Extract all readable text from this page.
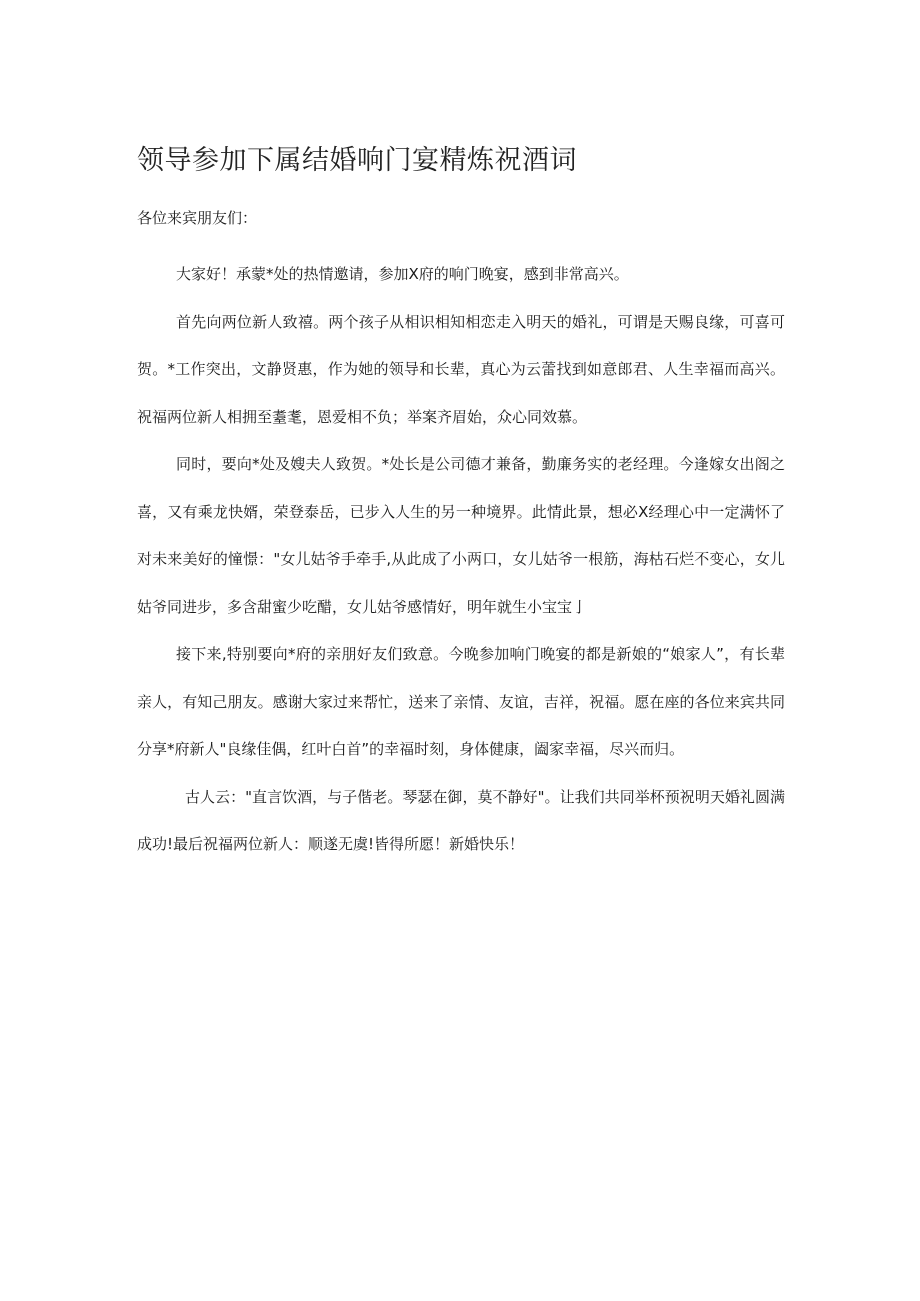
领导参加下属结婚响门宴精炼祝酒词

各位来宾朋友们：

大家好！承蒙*处的热情邀请，参加Ⅹ府的响门晚宴，感到非常高兴。

首先向两位新人致禧。两个孩子从相识相知相恋走入明天的婚礼，可谓是天赐良缘，可喜可贺。*工作突出，文静贤惠，作为她的领导和长辈，真心为云蕾找到如意郎君、人生幸福而高兴。祝福两位新人相拥至耋耄，恩爱相不负；举案齐眉始，众心同效慕。

同时，要向*处及嫂夫人致贺。*处长是公司德才兼备，勤廉务实的老经理。今逢嫁女出阁之喜，又有乘龙快婿，荣登泰岳，已步入人生的另一种境界。此情此景，想必Ⅹ经理心中一定满怀了对未来美好的憧憬："女儿姑爷手牵手,从此成了小两口，女儿姑爷一根筋，海枯石烂不变心，女儿姑爷同进步，多含甜蜜少吃醋，女儿姑爷感情好，明年就生小宝宝亅

接下来,特别要向*府的亲朋好友们致意。今晚参加响门晚宴的都是新娘的“娘家人”，有长辈亲人，有知己朋友。感谢大家过来帮忙，送来了亲情、友谊，吉祥，祝福。愿在座的各位来宾共同分享*府新人"良缘佳偶，红叶白首”的幸福时刻，身体健康，阖家幸福，尽兴而归。

古人云："直言饮酒，与子偕老。琴瑟在御，莫不静好"。让我们共同举杯预祝明天婚礼圆满成功!最后祝福两位新人：顺遂无虞!皆得所愿！新婚快乐！
